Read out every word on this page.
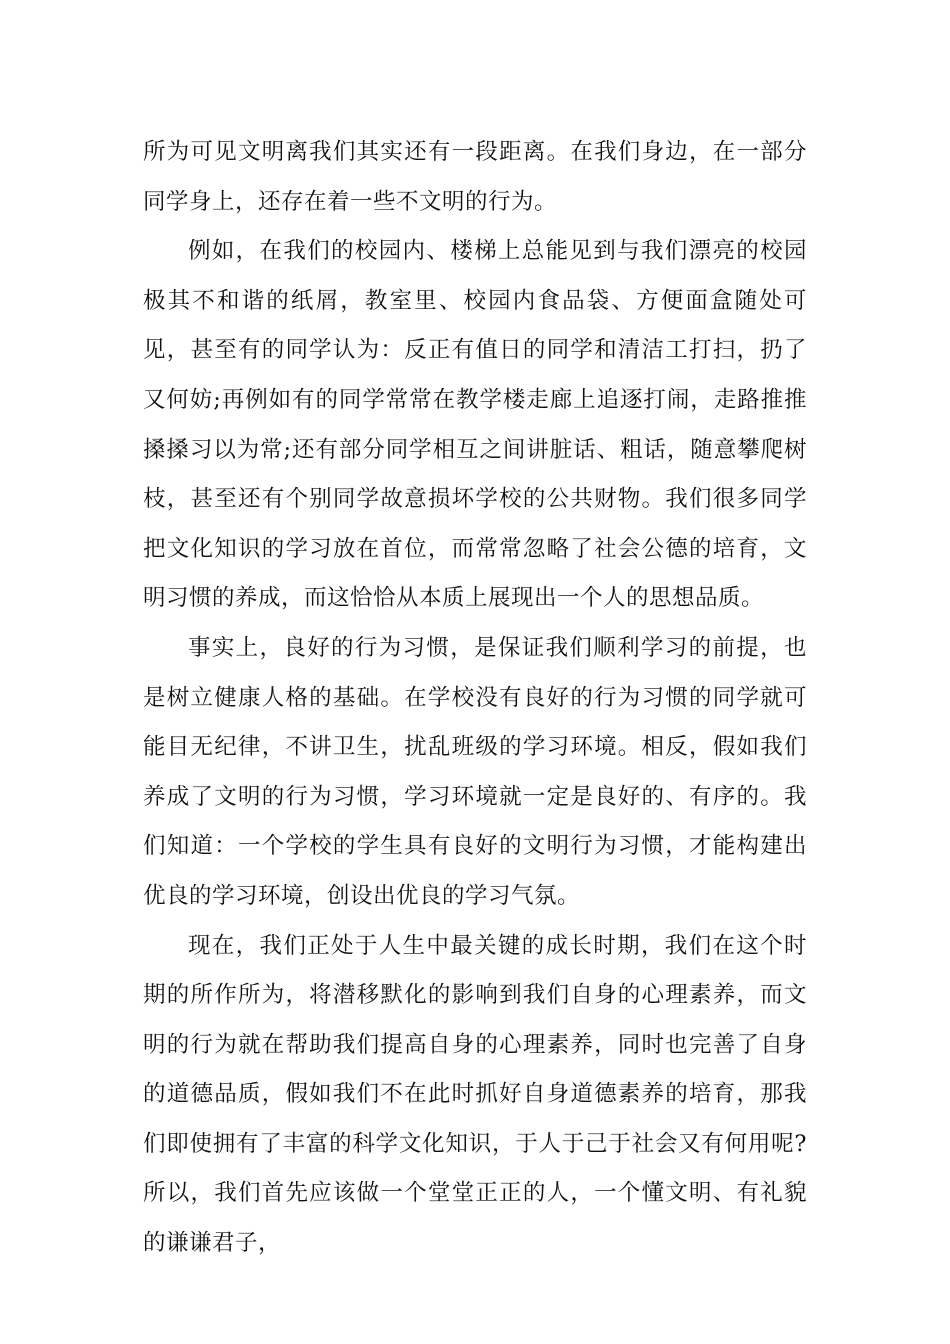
所为可见文明离我们其实还有一段距离。在我们身边，在一部分同学身上，还存在着一些不文明的行为。

例如，在我们的校园内、楼梯上总能见到与我们漂亮的校园极其不和谐的纸屑，教室里、校园内食品袋、方便面盒随处可见，甚至有的同学认为：反正有值日的同学和清洁工打扫，扔了又何妨;再例如有的同学常常在教学楼走廊上追逐打闹，走路推推搡搡习以为常;还有部分同学相互之间讲脏话、粗话，随意攀爬树枝，甚至还有个别同学故意损坏学校的公共财物。我们很多同学把文化知识的学习放在首位，而常常忽略了社会公德的培育，文明习惯的养成，而这恰恰从本质上展现出一个人的思想品质。

事实上，良好的行为习惯，是保证我们顺利学习的前提，也是树立健康人格的基础。在学校没有良好的行为习惯的同学就可能目无纪律，不讲卫生，扰乱班级的学习环境。相反，假如我们养成了文明的行为习惯，学习环境就一定是良好的、有序的。我们知道：一个学校的学生具有良好的文明行为习惯，才能构建出优良的学习环境，创设出优良的学习气氛。

现在，我们正处于人生中最关键的成长时期，我们在这个时期的所作所为，将潜移默化的影响到我们自身的心理素养，而文明的行为就在帮助我们提高自身的心理素养，同时也完善了自身的道德品质，假如我们不在此时抓好自身道德素养的培育，那我们即使拥有了丰富的科学文化知识，于人于己于社会又有何用呢?所以，我们首先应该做一个堂堂正正的人，一个懂文明、有礼貌的谦谦君子，
